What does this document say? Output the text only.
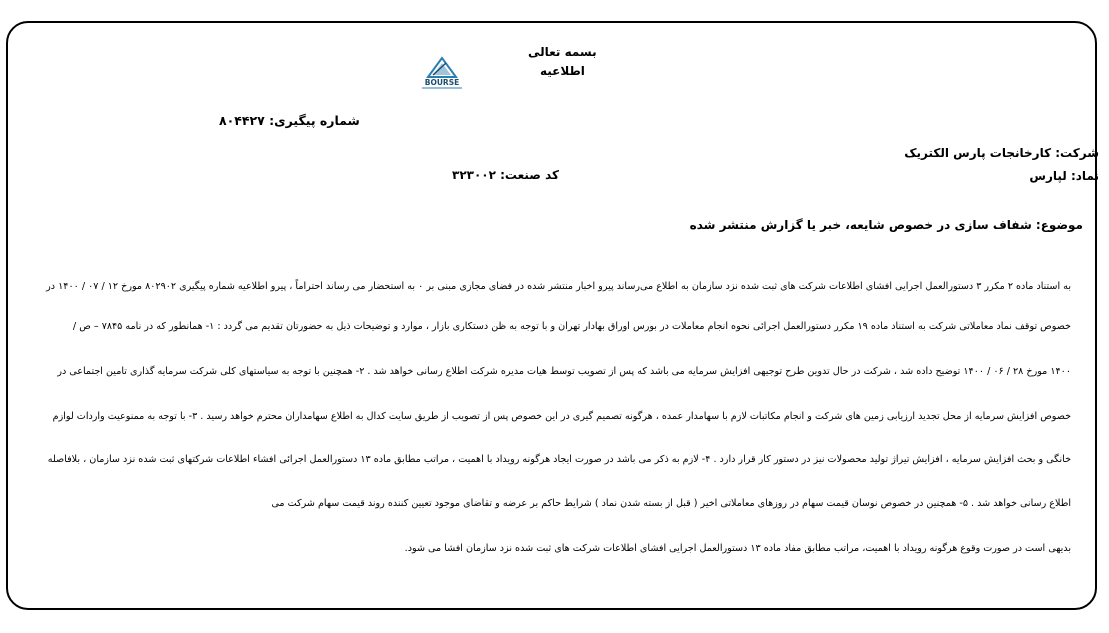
بسمه تعالی
اطلاعیه
BOURSE
شماره پیگیری: ۸۰۴۴۲۷
شرکت: کارخانجات پارس الکتریک
نماد: لپارس
کد صنعت: ۳۲۳۰۰۲
موضوع: شفاف سازی در خصوص شایعه، خبر یا گزارش منتشر شده
به استناد ماده ۲ مکرر ۳ دستورالعمل اجرایی افشای اطلاعات شرکت های ثبت شده نزد سازمان به اطلاع می‌رساند پیرو اخبار منتشر شده در فضای مجازی مبنی بر ۰ به استحضار می رساند احتراماً ، پیرو اطلاعیه شماره پیگیری ۸۰۲۹۰۲ مورخ ۱۲ / ۰۷ / ۱۴۰۰ در
خصوص توقف نماد معاملاتی شرکت به استناد ماده ۱۹ مکرر دستورالعمل اجرائی نحوه انجام معاملات در بورس اوراق بهادار تهران و با توجه به ظن دستکاری بازار ، موارد و توضیحات ذیل به حضورتان تقدیم می گردد : ۱- همانطور که در نامه ۷۸۴۵ – ص /
۱۴۰۰ مورخ ۲۸ / ۰۶ / ۱۴۰۰ توضیح داده شد ، شرکت در حال تدوین طرح توجیهی افزایش سرمایه می باشد که پس از تصویب توسط هیات مدیره شرکت اطلاع رسانی خواهد شد . ۲- همچنین با توجه به سیاستهای کلی شرکت سرمایه گذاری تامین اجتماعی در
خصوص افزایش سرمایه از محل تجدید ارزیابی زمین های شرکت و انجام مکاتبات لازم با سهامدار عمده ، هرگونه تصمیم گیری در این خصوص پس از تصویب از طریق سایت کدال به اطلاع سهامداران محترم خواهد رسید . ۳- با توجه به ممنوعیت واردات لوازم
خانگی و بحث افزایش سرمایه ، افزایش تیراژ تولید محصولات نیز در دستور کار قرار دارد . ۴- لازم به ذکر می باشد در صورت ایجاد هرگونه رویداد با اهمیت ، مراتب مطابق ماده ۱۳ دستورالعمل اجرائی افشاء اطلاعات شرکتهای ثبت شده نزد سازمان ، بلافاصله
اطلاع رسانی خواهد شد . ۵- همچنین در خصوص نوسان قیمت سهام در روزهای معاملاتی اخیر ( قبل از بسته شدن نماد ) شرایط حاکم بر عرضه و تقاضای موجود تعیین کننده روند قیمت سهام شرکت می
بدیهی است در صورت وقوع هرگونه رویداد با اهمیت، مراتب مطابق مفاد ماده ۱۳ دستورالعمل اجرایی افشای اطلاعات شرکت های ثبت شده نزد سازمان افشا می شود.
